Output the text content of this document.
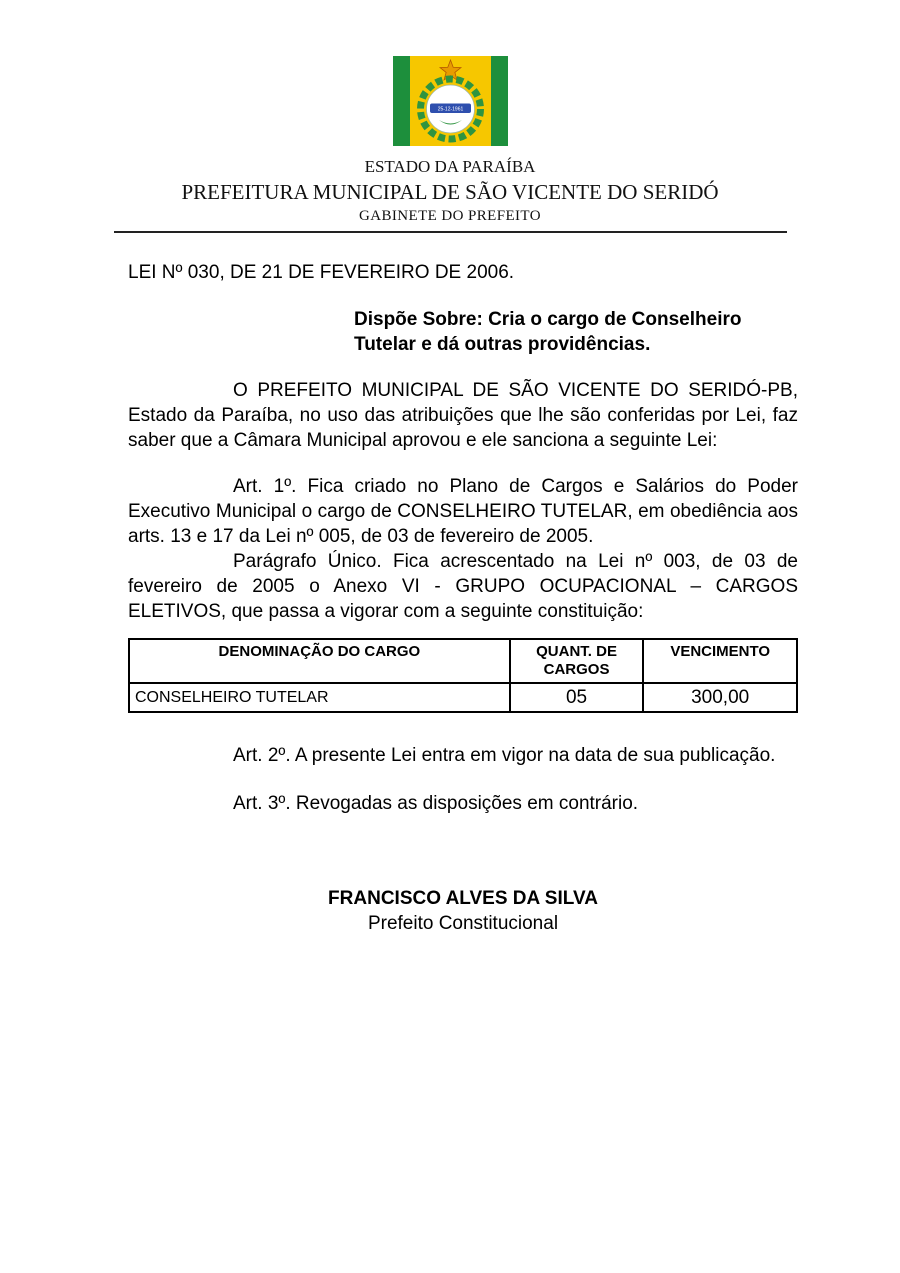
25-12-1961
ESTADO DA PARAÍBA
PREFEITURA MUNICIPAL DE SÃO VICENTE DO SERIDÓ
GABINETE DO PREFEITO
LEI Nº 030, DE 21 DE FEVEREIRO DE 2006.
Dispõe Sobre: Cria o cargo de Conselheiro Tutelar e dá outras providências.

O PREFEITO MUNICIPAL DE SÃO VICENTE DO SERIDÓ-PB, Estado da Paraíba, no uso das atribuições que lhe são conferidas por Lei, faz saber que a Câmara Municipal aprovou e ele sanciona a seguinte Lei:

Art. 1º. Fica criado no Plano de Cargos e Salários do Poder Executivo Municipal o cargo de CONSELHEIRO TUTELAR, em obediência aos arts. 13 e 17 da Lei nº 005, de 03 de fevereiro de 2005.

Parágrafo Único. Fica acrescentado na Lei nº 003, de 03 de fevereiro de 2005 o Anexo VI - GRUPO OCUPACIONAL – CARGOS ELETIVOS, que passa a vigorar com a seguinte constituição:

DENOMINAÇÃO DO CARGO	QUANT. DE CARGOS	VENCIMENTO
CONSELHEIRO TUTELAR	05	300,00

Art. 2º. A presente Lei entra em vigor na data de sua publicação.

Art. 3º. Revogadas as disposições em contrário.

FRANCISCO ALVES DA SILVA
Prefeito Constitucional
